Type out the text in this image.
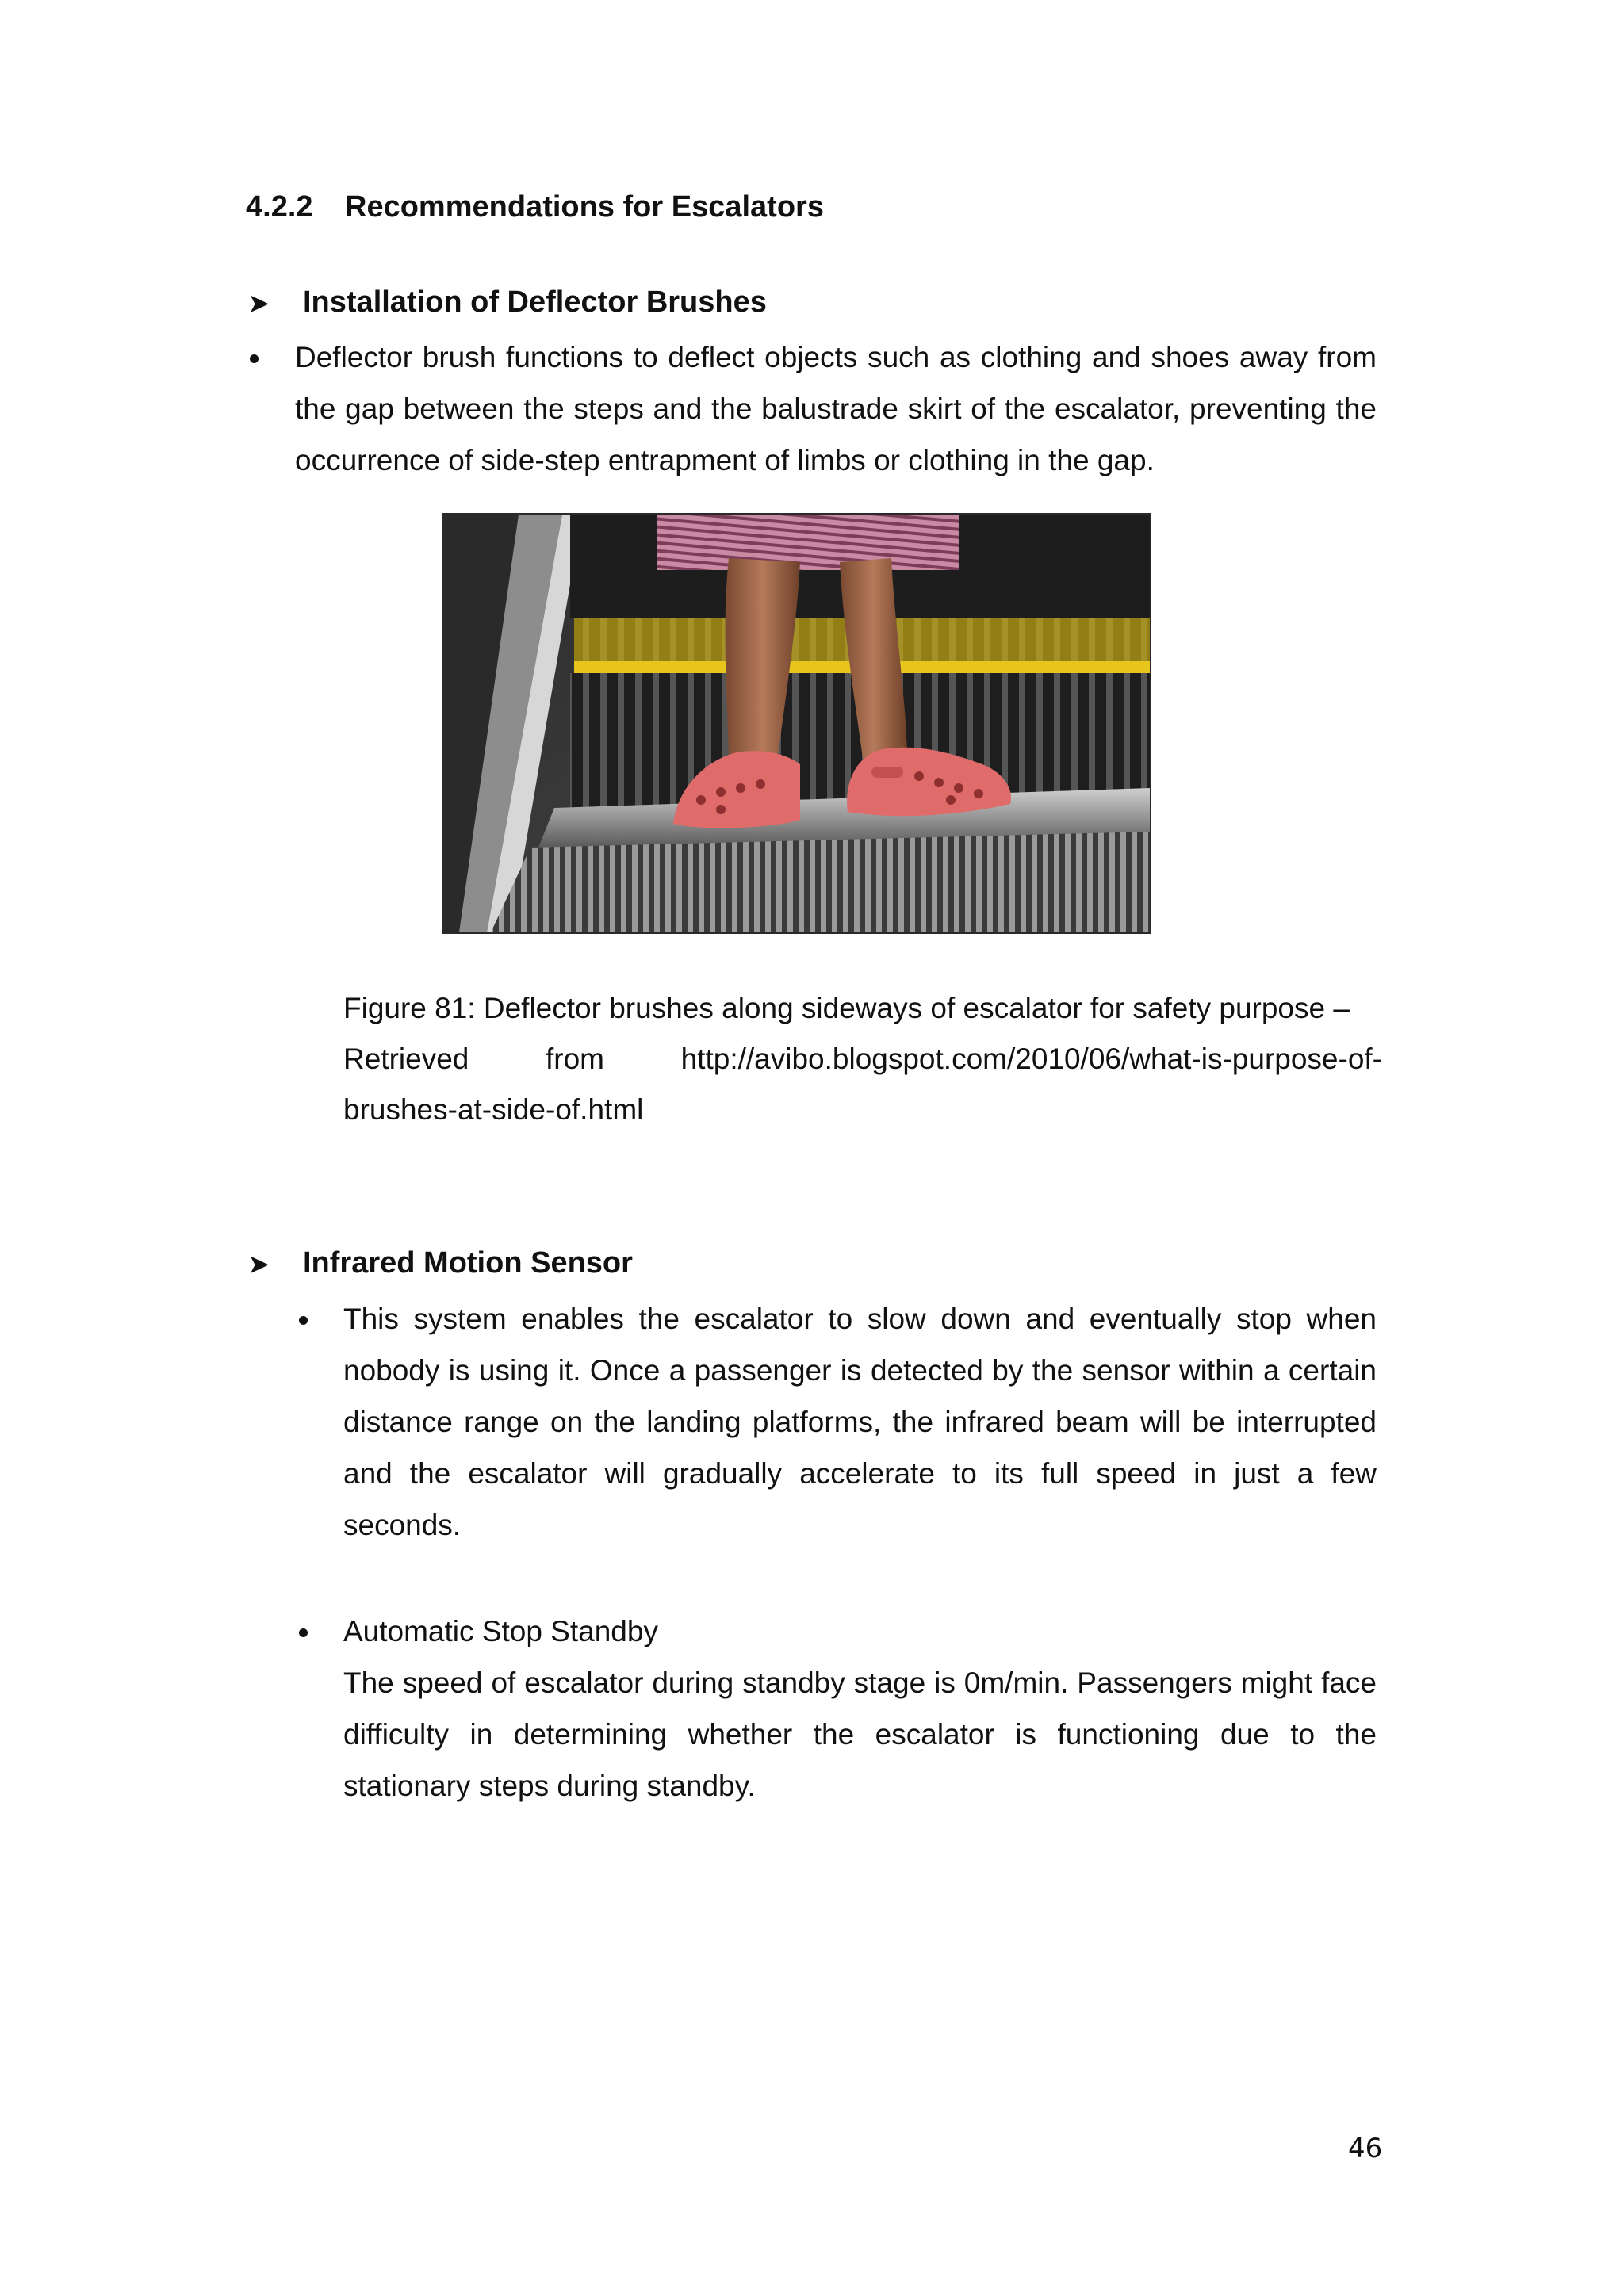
4.2.2 Recommendations for Escalators
➤ Installation of Deflector Brushes
Deflector brush functions to deflect objects such as clothing and shoes away from the gap between the steps and the balustrade skirt of the escalator, preventing the occurrence of side-step entrapment of limbs or clothing in the gap.
Figure 81: Deflector brushes along sideways of escalator for safety purpose –
Retrieved	from	http://avibo.blogspot.com/2010/06/what-is-purpose-of-
brushes-at-side-of.html
➤ Infrared Motion Sensor
This system enables the escalator to slow down and eventually stop when nobody is using it. Once a passenger is detected by the sensor within a certain distance range on the landing platforms, the infrared beam will be interrupted and the escalator will gradually accelerate to its full speed in just a few seconds.
Automatic Stop Standby
The speed of escalator during standby stage is 0m/min. Passengers might face difficulty in determining whether the escalator is functioning due to the stationary steps during standby.
46
